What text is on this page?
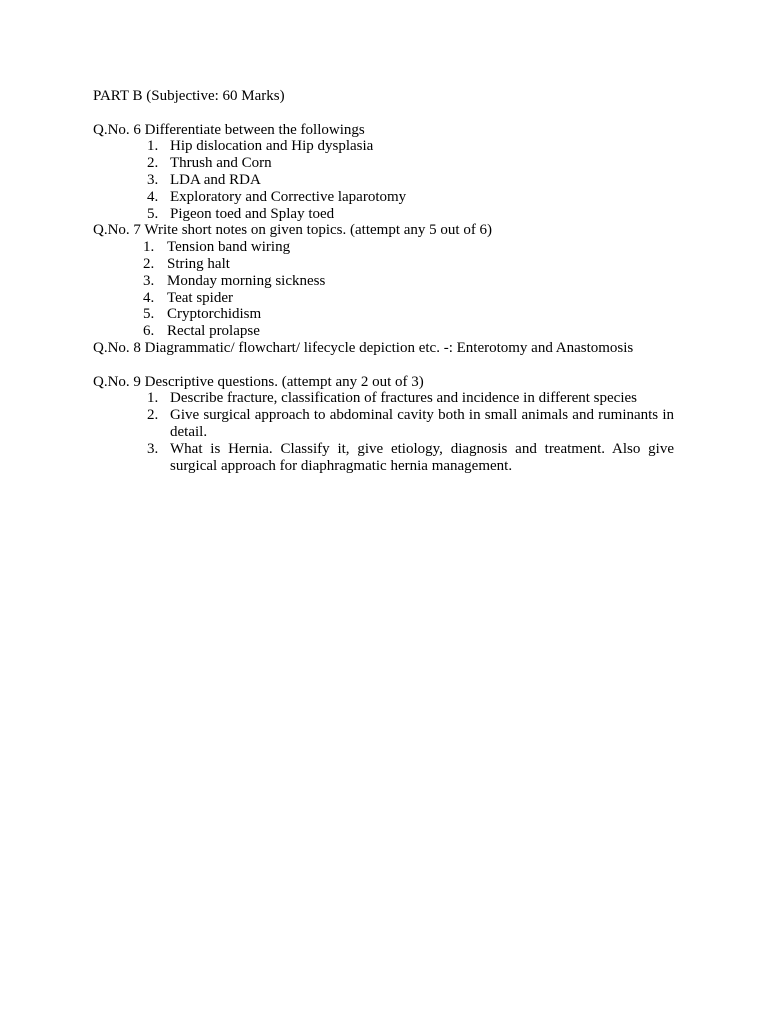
PART B (Subjective: 60 Marks)
Q.No. 6 Differentiate between the followings
1. Hip dislocation and Hip dysplasia
2. Thrush and Corn
3. LDA and RDA
4. Exploratory and Corrective laparotomy
5. Pigeon toed and Splay toed
Q.No. 7 Write short notes on given topics. (attempt any 5 out of 6)
1. Tension band wiring
2. String halt
3. Monday morning sickness
4. Teat spider
5. Cryptorchidism
6. Rectal prolapse
Q.No. 8 Diagrammatic/ flowchart/ lifecycle depiction etc. -: Enterotomy and Anastomosis
Q.No. 9 Descriptive questions. (attempt any 2 out of 3)
1. Describe fracture, classification of fractures and incidence in different species
2. Give surgical approach to abdominal cavity both in small animals and ruminants in detail.
3. What is Hernia. Classify it, give etiology, diagnosis and treatment. Also give surgical approach for diaphragmatic hernia management.
